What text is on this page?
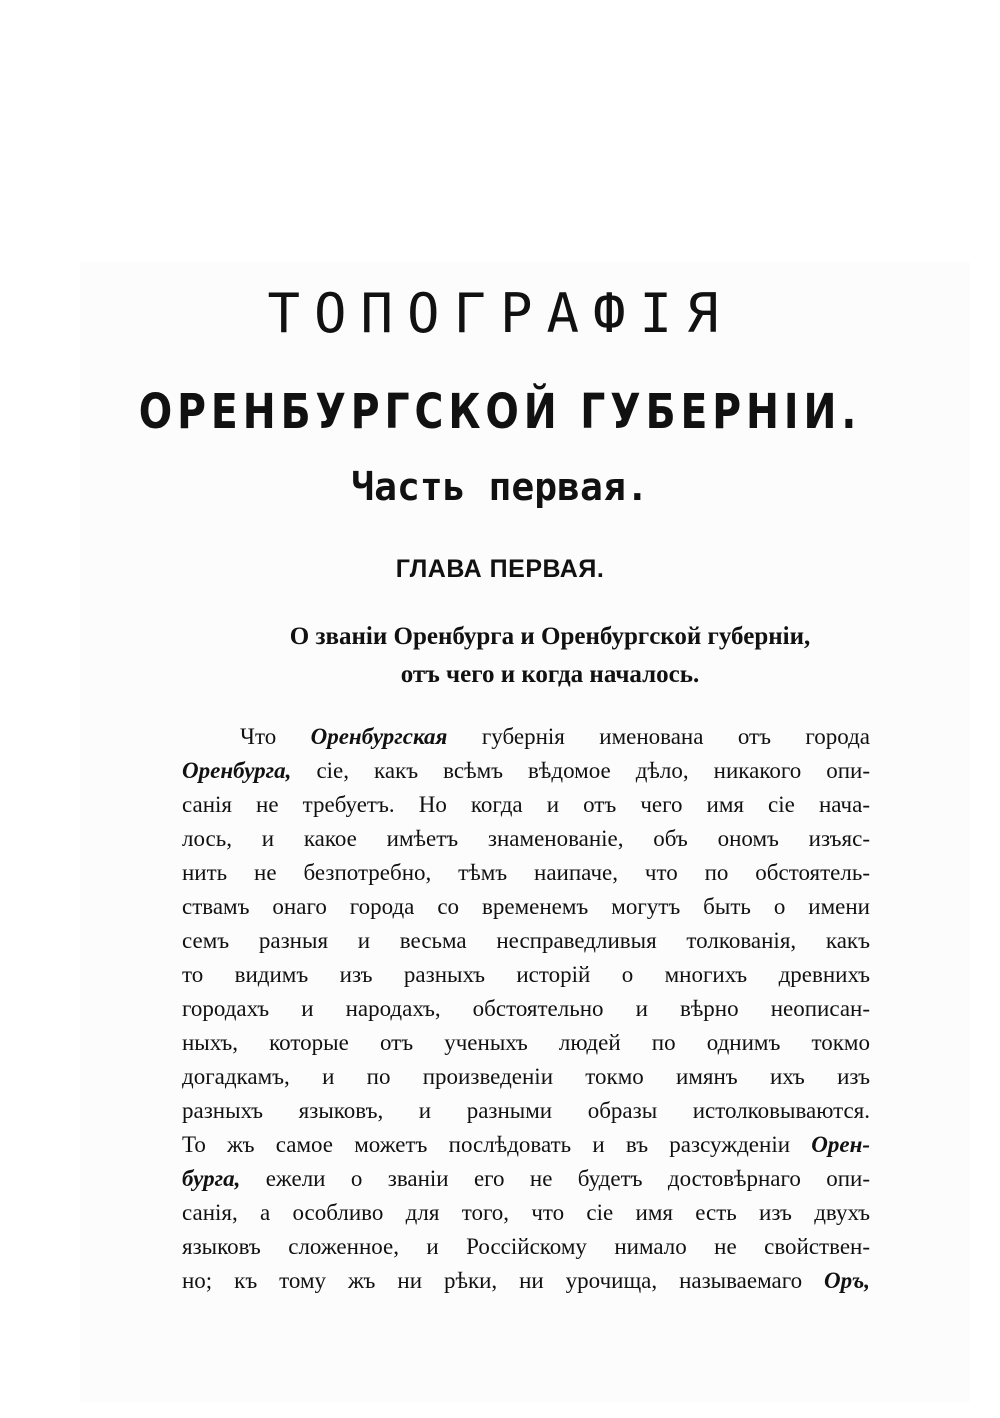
ТОПОГРАФІЯ
ОРЕНБУРГСКОЙ ГУБЕРНІИ.
Часть первая.
ГЛАВА ПЕРВАЯ.
О званіи Оренбурга и Оренбургской губерніи,
отъ чего и когда началось.
Что Оренбургская губернія именована отъ города
Оренбурга, сіе, какъ всѣмъ вѣдомое дѣло, никакого опи-
санія не требуетъ. Но когда и отъ чего имя сіе нача-
лось, и какое имѣетъ знаменованіе, объ ономъ изъяс-
нить не безпотребно, тѣмъ наипаче, что по обстоятель-
ствамъ онаго города со временемъ могутъ быть о имени
семъ разныя и весьма несправедливыя толкованія, какъ
то видимъ изъ разныхъ исторій о многихъ древнихъ
городахъ и народахъ, обстоятельно и вѣрно неописан-
ныхъ, которые отъ ученыхъ людей по однимъ токмо
догадкамъ, и по произведеніи токмо имянъ ихъ изъ
разныхъ языковъ, и разными образы истолковываются.
То жъ самое можетъ послѣдовать и въ разсужденіи Орен-
бурга, ежели о званіи его не будетъ достовѣрнаго опи-
санія, а особливо для того, что сіе имя есть изъ двухъ
языковъ сложенное, и Россійскому нимало не свойствен-
но; къ тому жъ ни рѣки, ни урочища, называемаго Оръ,
